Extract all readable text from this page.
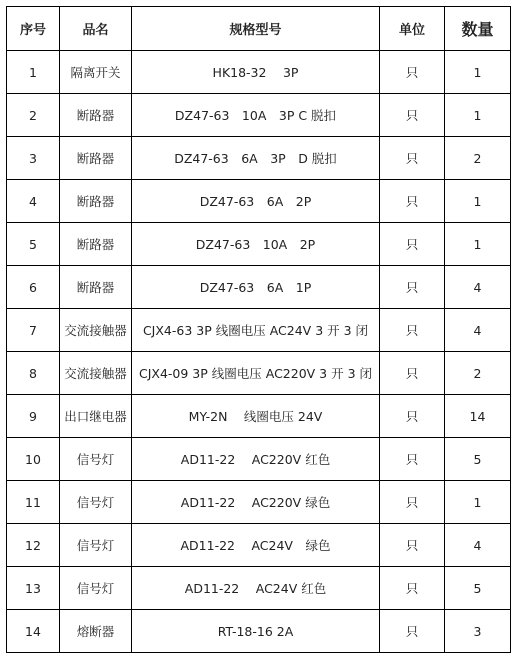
序号	品名	规格型号	单位	数量
1	隔离开关	HK18-32　 3P	只	1
2	断路器	DZ47-63　10A　3P C 脱扣	只	1
3	断路器	DZ47-63　6A　3P　D 脱扣	只	2
4	断路器	DZ47-63　6A　2P	只	1
5	断路器	DZ47-63　10A　2P	只	1
6	断路器	DZ47-63　6A　1P	只	4
7	交流接触器	CJX4-63 3P 线圈电压 AC24V 3 开 3 闭	只	4
8	交流接触器	CJX4-09 3P 线圈电压 AC220V 3 开 3 闭	只	2
9	出口继电器	MY-2N　 线圈电压 24V	只	14
10	信号灯	AD11-22　 AC220V 红色	只	5
11	信号灯	AD11-22　 AC220V 绿色	只	1
12	信号灯	AD11-22　 AC24V　绿色	只	4
13	信号灯	AD11-22　 AC24V 红色	只	5
14	熔断器	RT-18-16 2A	只	3
